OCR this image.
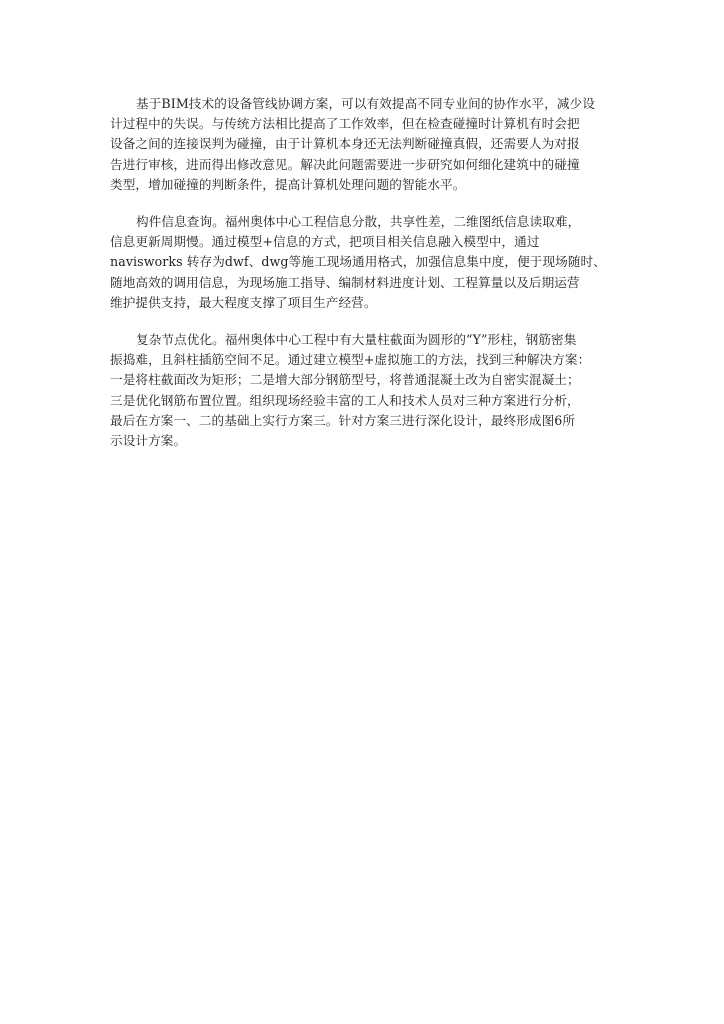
基于BIM技术的设备管线协调方案，可以有效提高不同专业间的协作水平，减少设
计过程中的失误。与传统方法相比提高了工作效率，但在检查碰撞时计算机有时会把
设备之间的连接误判为碰撞，由于计算机本身还无法判断碰撞真假，还需要人为对报
告进行审核，进而得出修改意见。解决此问题需要进一步研究如何细化建筑中的碰撞
类型，增加碰撞的判断条件，提高计算机处理问题的智能水平。
构件信息查询。福州奥体中心工程信息分散，共享性差，二维图纸信息读取难，
信息更新周期慢。通过模型+信息的方式，把项目相关信息融入模型中，通过
navisworks 转存为dwf、dwg等施工现场通用格式，加强信息集中度，便于现场随时、
随地高效的调用信息，为现场施工指导、编制材料进度计划、工程算量以及后期运营
维护提供支持，最大程度支撑了项目生产经营。
复杂节点优化。福州奥体中心工程中有大量柱截面为圆形的“Y”形柱，钢筋密集
振捣难，且斜柱插筋空间不足。通过建立模型+虚拟施工的方法，找到三种解决方案：
一是将柱截面改为矩形；二是增大部分钢筋型号，将普通混凝土改为自密实混凝土；
三是优化钢筋布置位置。组织现场经验丰富的工人和技术人员对三种方案进行分析，
最后在方案一、二的基础上实行方案三。针对方案三进行深化设计，最终形成图6所
示设计方案。
